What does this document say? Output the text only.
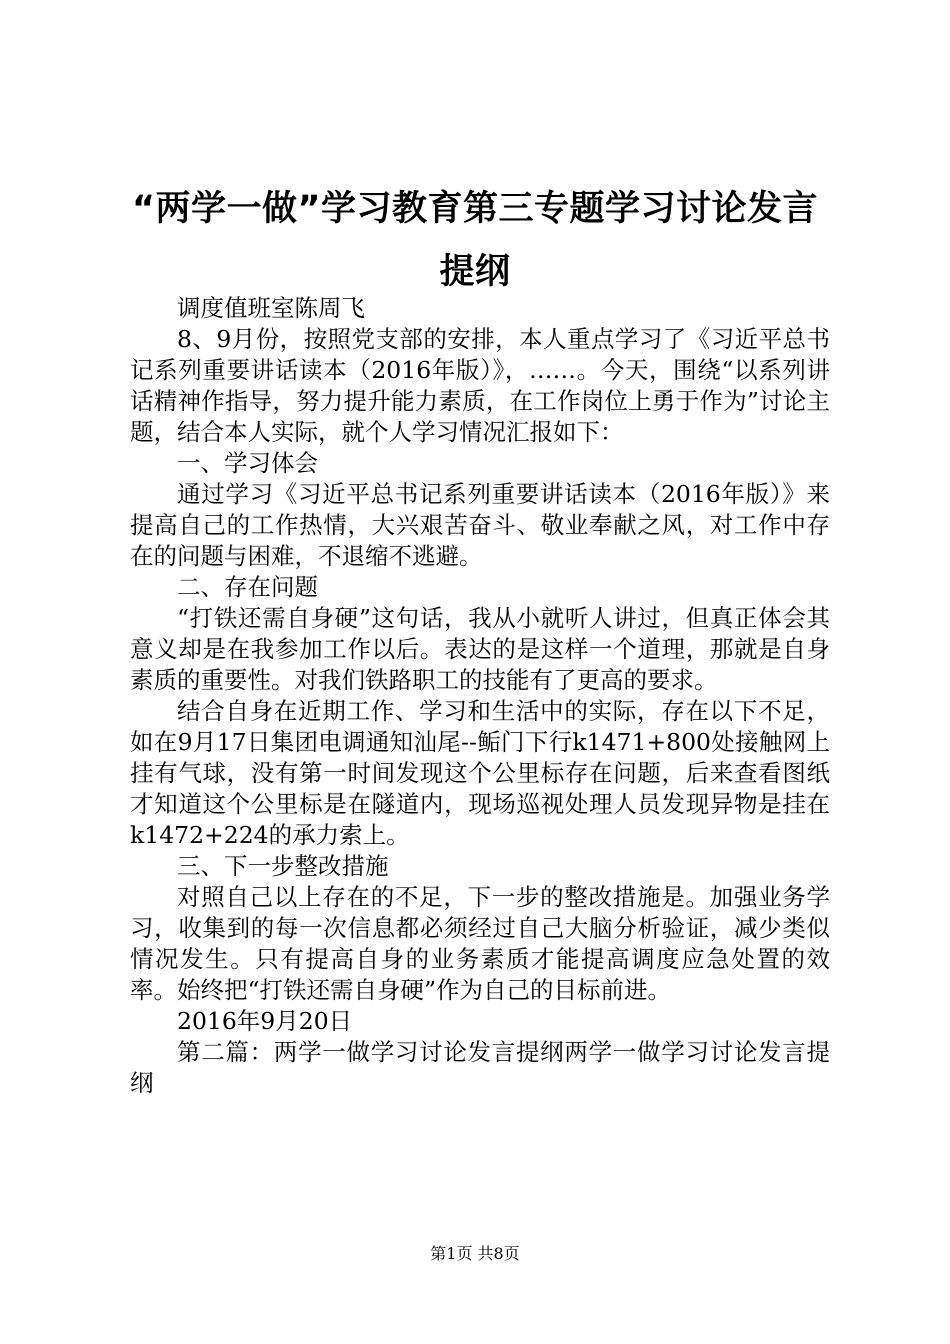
“两学一做”学习教育第三专题学习讨论发言提纲

调度值班室陈周飞

8、9月份，按照党支部的安排，本人重点学习了《习近平总书记系列重要讲话读本（2016年版）》，……。今天，围绕“以系列讲话精神作指导，努力提升能力素质，在工作岗位上勇于作为”讨论主题，结合本人实际，就个人学习情况汇报如下：

一、学习体会

通过学习《习近平总书记系列重要讲话读本（2016年版）》来提高自己的工作热情，大兴艰苦奋斗、敬业奉献之风，对工作中存在的问题与困难，不退缩不逃避。

二、存在问题

“打铁还需自身硬”这句话，我从小就听人讲过，但真正体会其意义却是在我参加工作以后。表达的是这样一个道理，那就是自身素质的重要性。对我们铁路职工的技能有了更高的要求。

结合自身在近期工作、学习和生活中的实际，存在以下不足，如在9月17日集团电调通知汕尾--鲘门下行k1471+800处接触网上挂有气球，没有第一时间发现这个公里标存在问题，后来查看图纸才知道这个公里标是在隧道内，现场巡视处理人员发现异物是挂在k1472+224的承力索上。

三、下一步整改措施

对照自己以上存在的不足，下一步的整改措施是。加强业务学习，收集到的每一次信息都必须经过自己大脑分析验证，减少类似情况发生。只有提高自身的业务素质才能提高调度应急处置的效率。始终把“打铁还需自身硬”作为自己的目标前进。

2016年9月20日

第二篇：两学一做学习讨论发言提纲两学一做学习讨论发言提纲

第1页 共8页
